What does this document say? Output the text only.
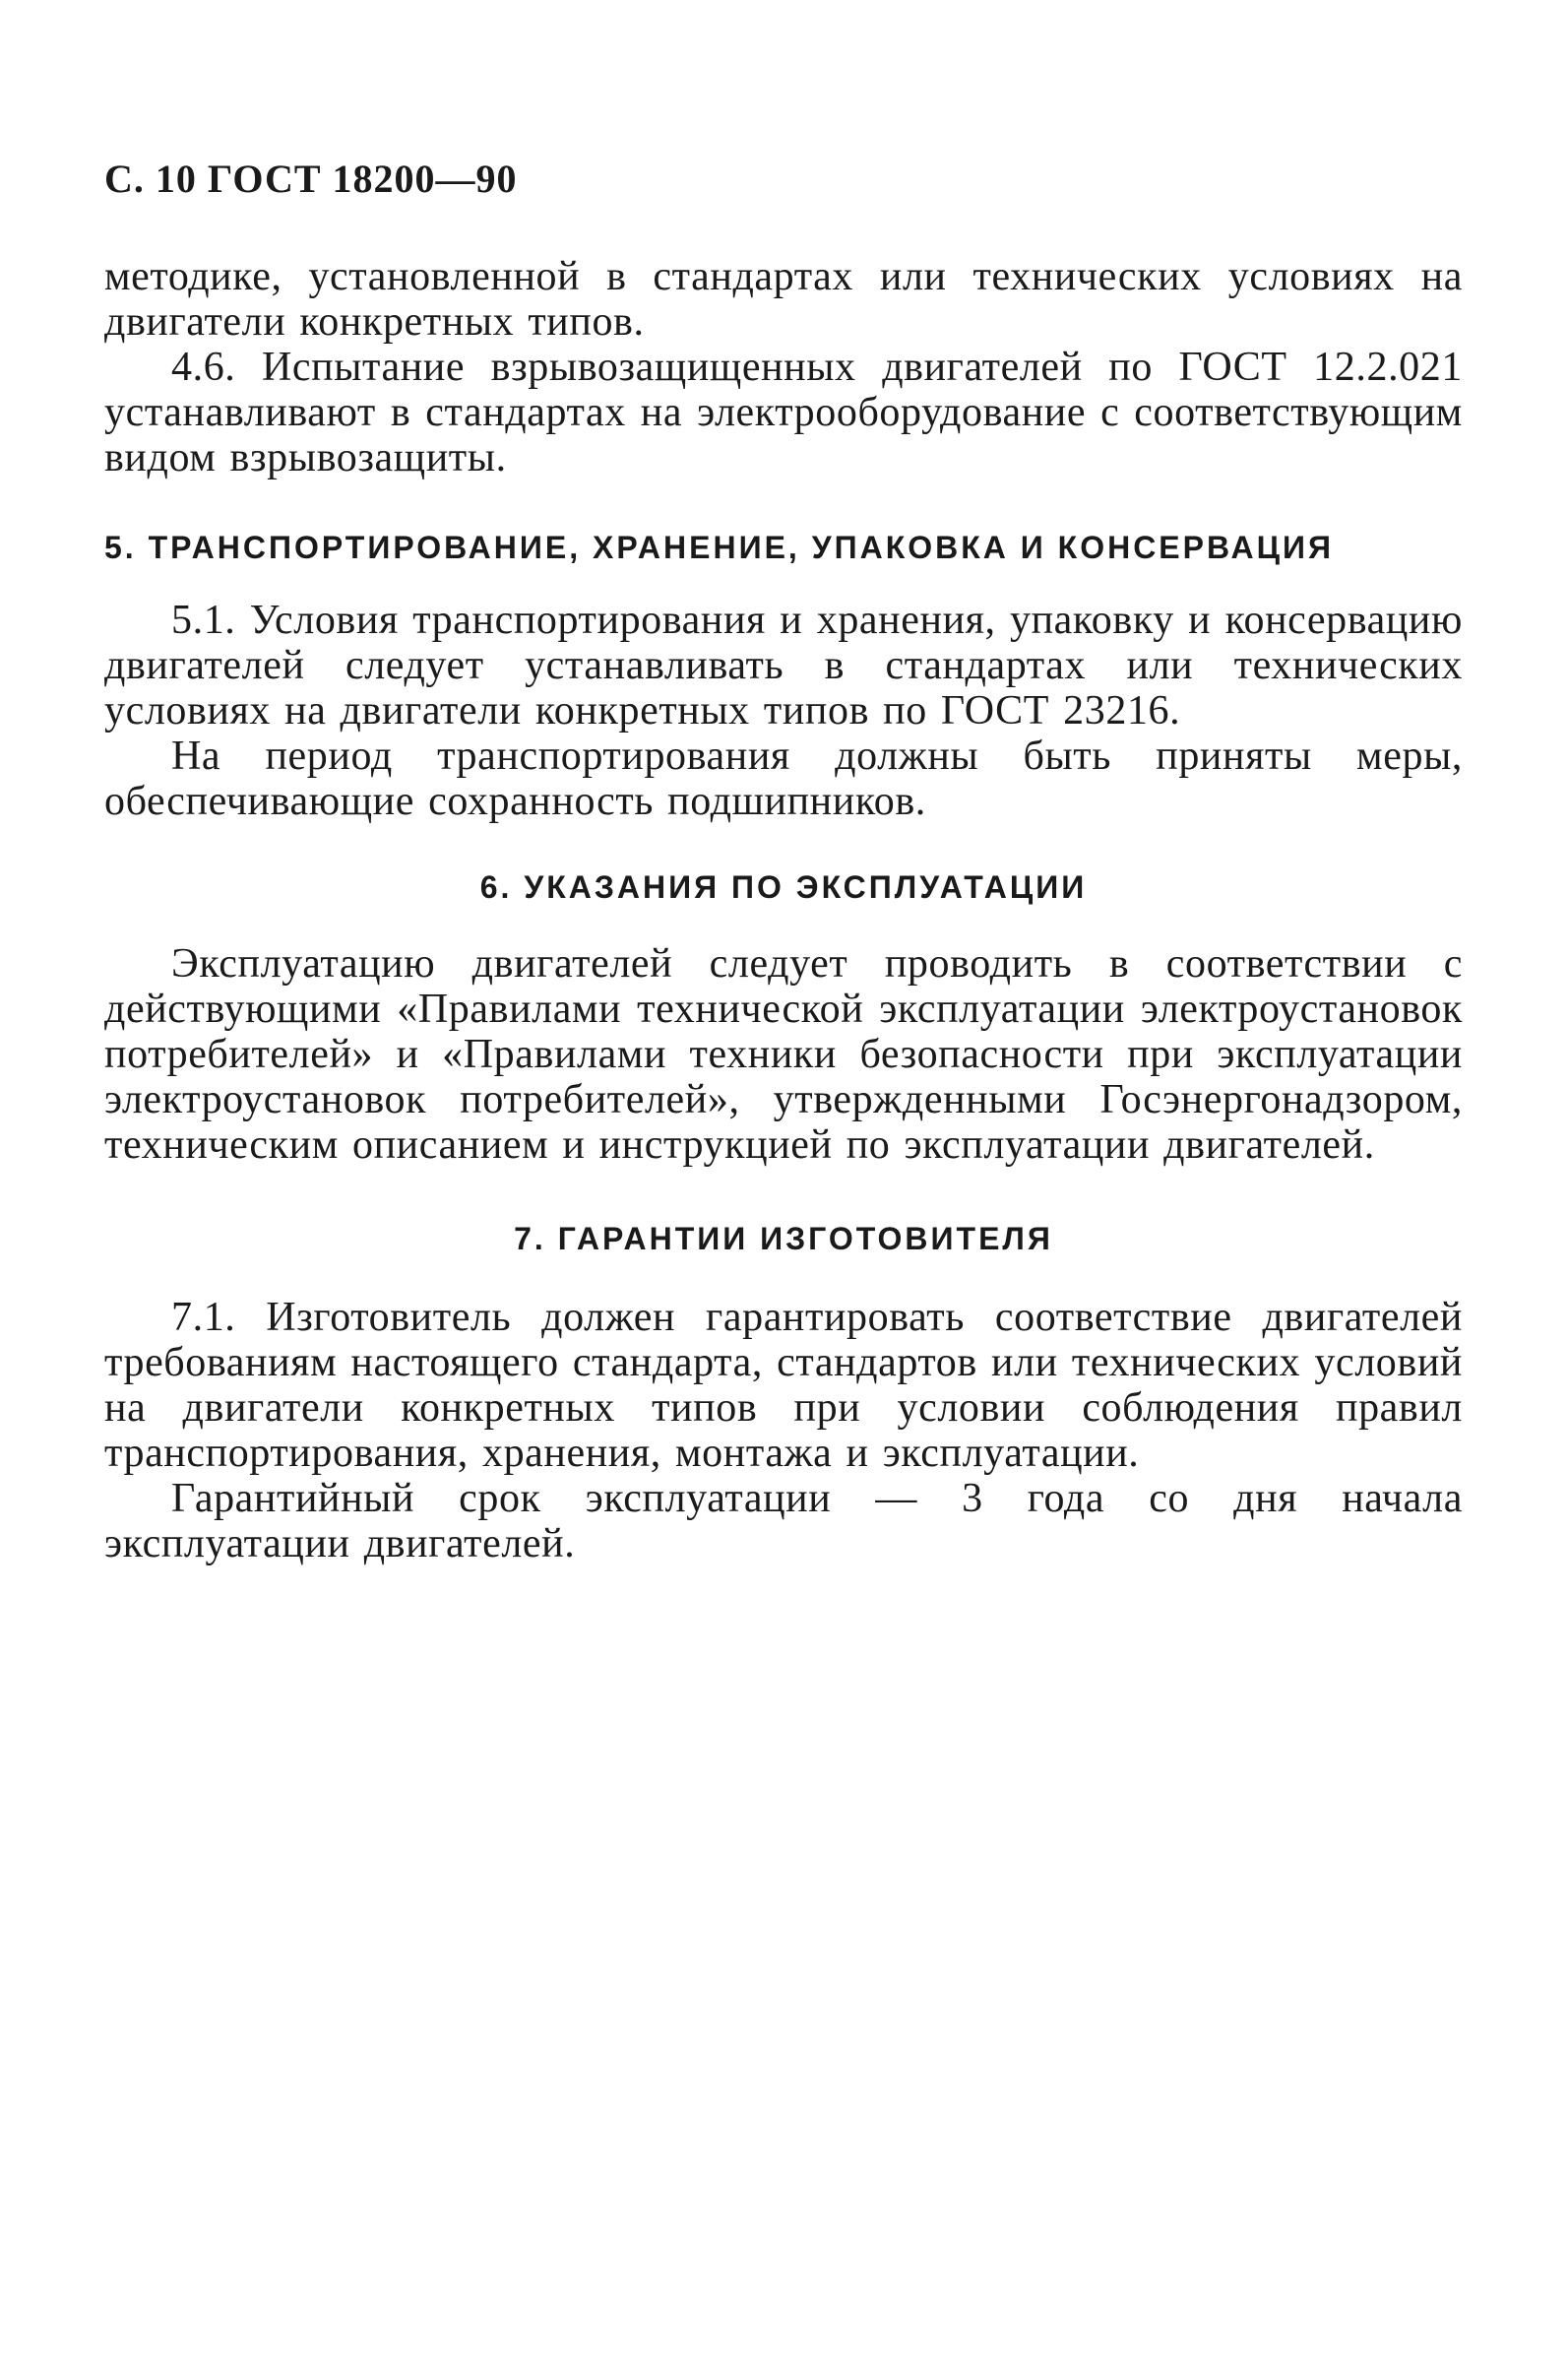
С. 10 ГОСТ 18200—90

методике, установленной в стандартах или технических условиях на двигатели конкретных типов.

4.6. Испытание взрывозащищенных двигателей по ГОСТ 12.2.021 устанавливают в стандартах на электрооборудование с соответствующим видом взрывозащиты.

5. ТРАНСПОРТИРОВАНИЕ, ХРАНЕНИЕ, УПАКОВКА И КОНСЕРВАЦИЯ

5.1. Условия транспортирования и хранения, упаковку и консервацию двигателей следует устанавливать в стандартах или технических условиях на двигатели конкретных типов по ГОСТ 23216.

На период транспортирования должны быть приняты меры, обеспечивающие сохранность подшипников.

6. УКАЗАНИЯ ПО ЭКСПЛУАТАЦИИ

Эксплуатацию двигателей следует проводить в соответствии с действующими «Правилами технической эксплуатации электроустановок потребителей» и «Правилами техники безопасности при эксплуатации электроустановок потребителей», утвержденными Госэнергонадзором, техническим описанием и инструкцией по эксплуатации двигателей.

7. ГАРАНТИИ ИЗГОТОВИТЕЛЯ

7.1. Изготовитель должен гарантировать соответствие двигателей требованиям настоящего стандарта, стандартов или технических условий на двигатели конкретных типов при условии соблюдения правил транспортирования, хранения, монтажа и эксплуатации.

Гарантийный срок эксплуатации — 3 года со дня начала эксплуатации двигателей.
